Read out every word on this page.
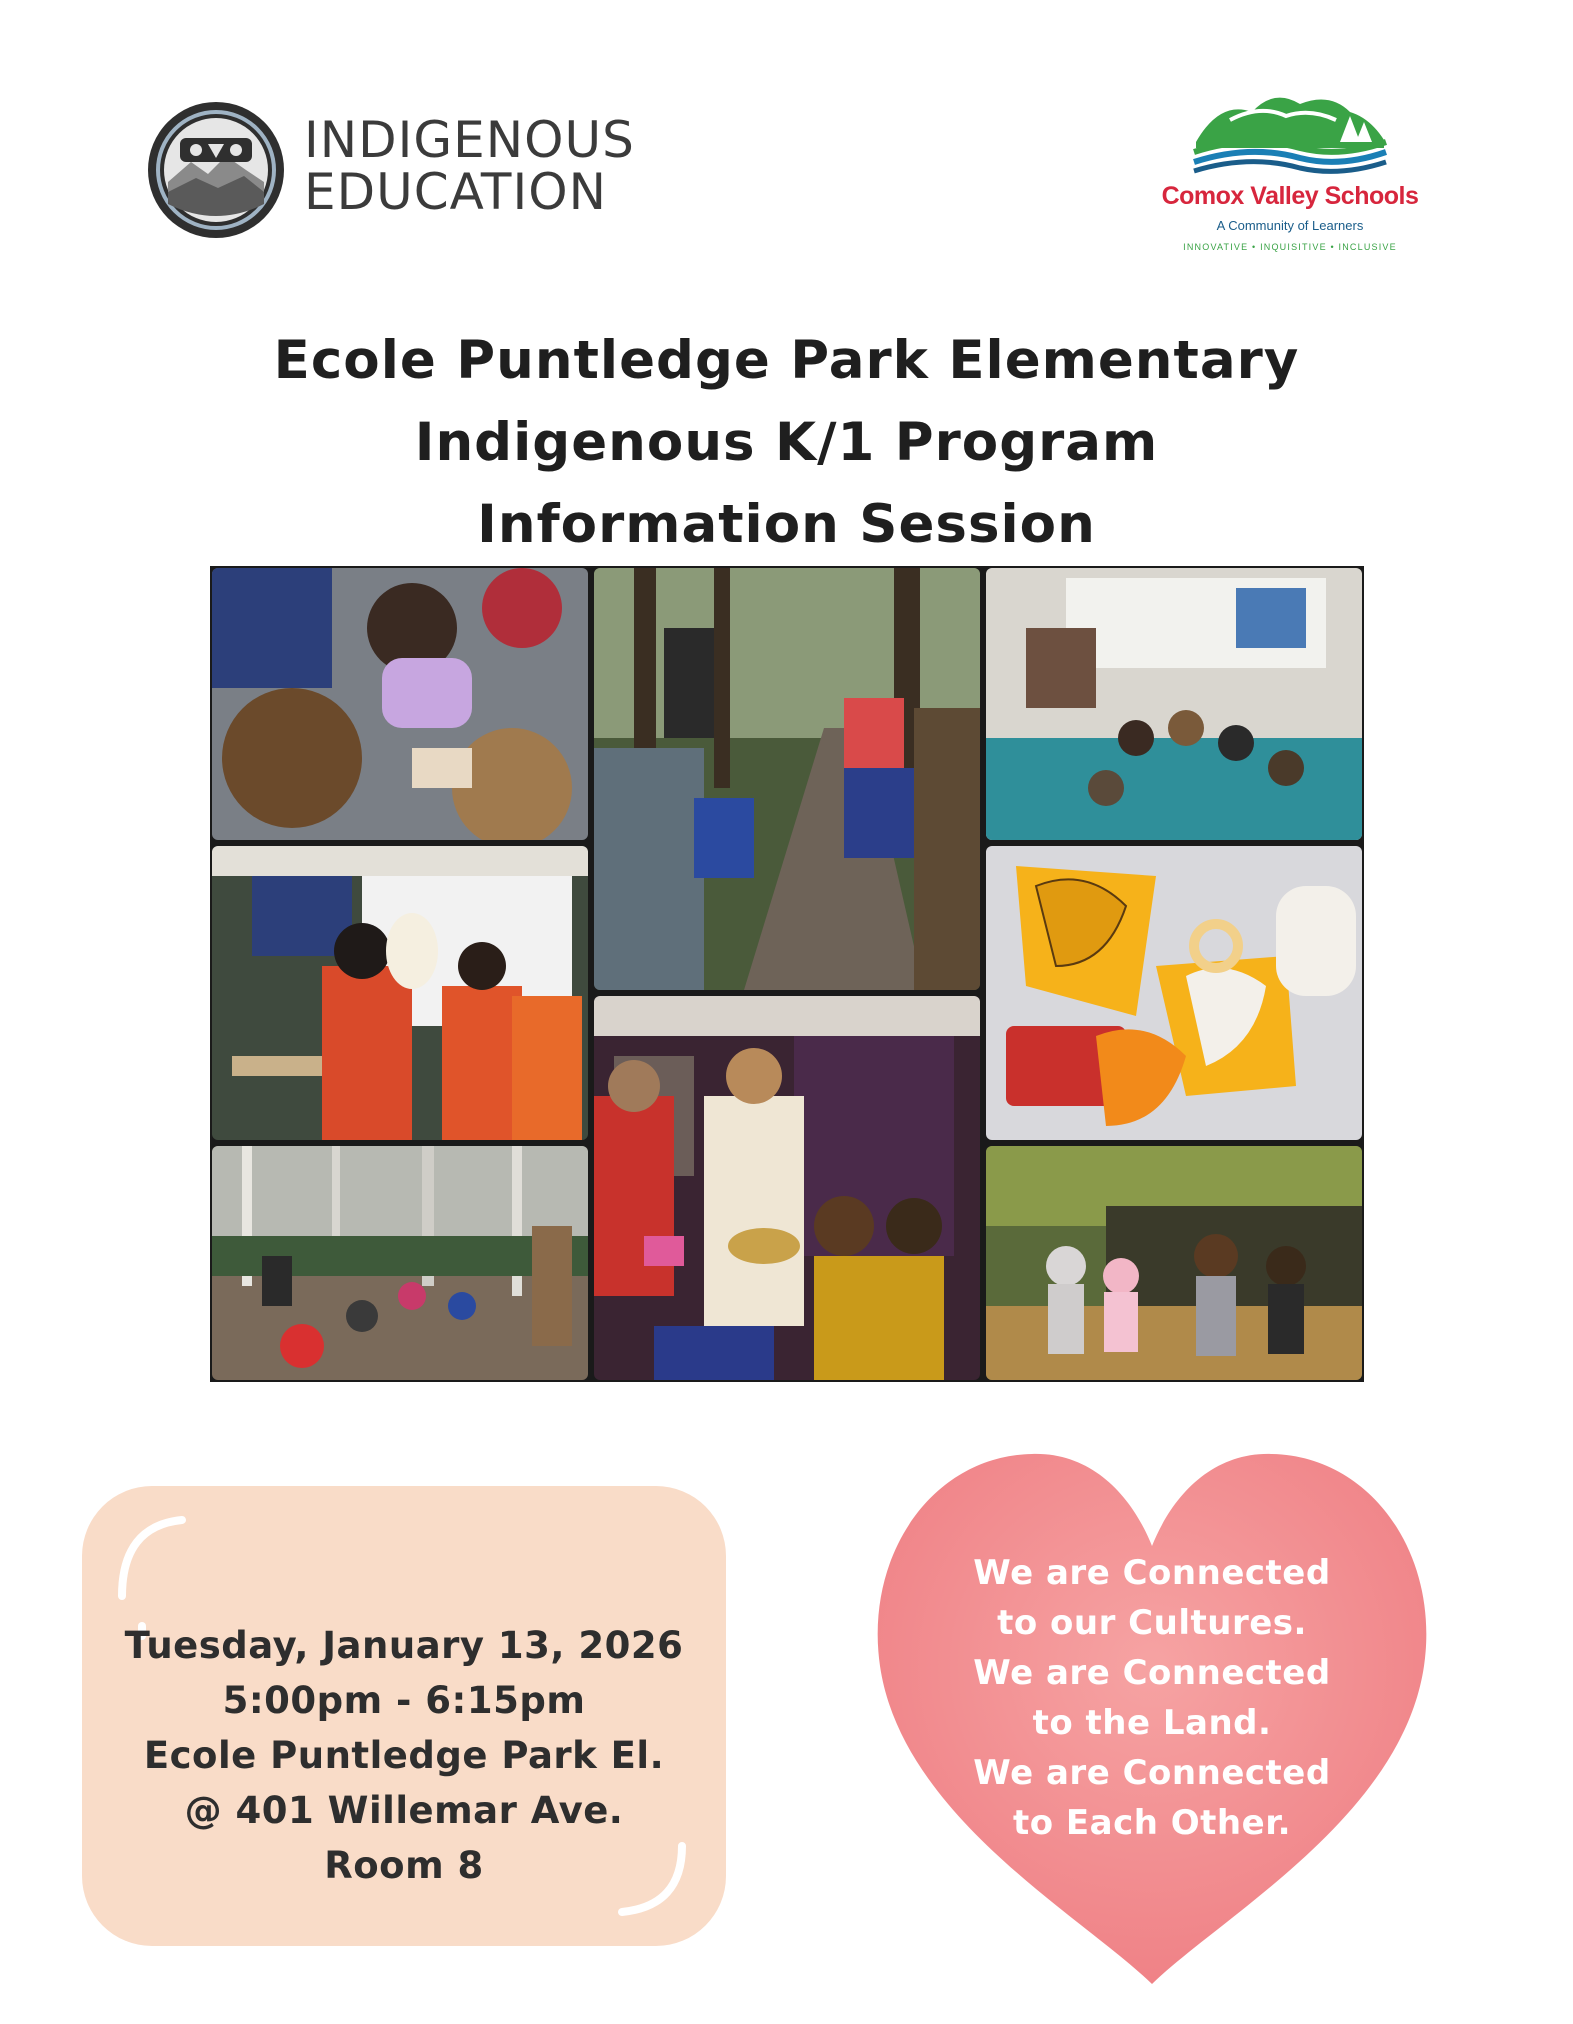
INDIGENOUS
EDUCATION	Comox Valley Schools
A Community of Learners
INNOVATIVE • INQUISITIVE • INCLUSIVE
Ecole Puntledge Park Elementary
Indigenous K/1 Program
Information Session
Tuesday, January 13, 2026
5:00pm - 6:15pm
Ecole Puntledge Park El.
@ 401 Willemar Ave.
Room 8
We are Connected
to our Cultures.
We are Connected
to the Land.
We are Connected
to Each Other.
